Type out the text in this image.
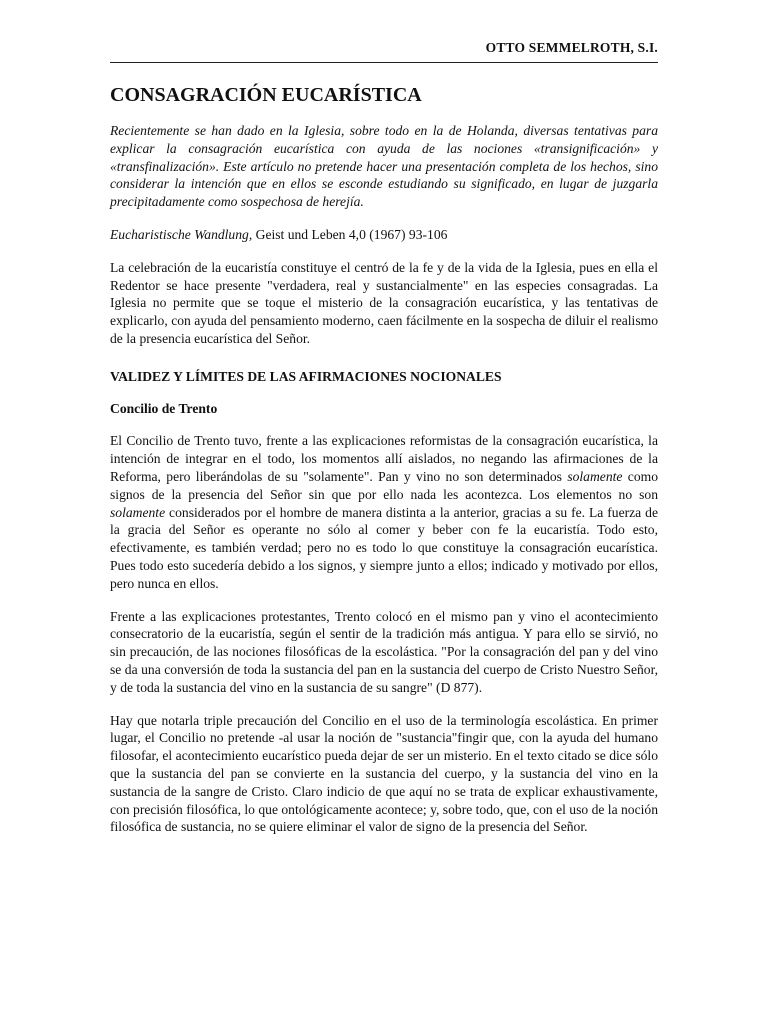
OTTO SEMMELROTH, S.I.
CONSAGRACIÓN EUCARÍSTICA

Recientemente se han dado en la Iglesia, sobre todo en la de Holanda, diversas tentativas para explicar la consagración eucarística con ayuda de las nociones «transignificación» y «transfinalización». Este artículo no pretende hacer una presentación completa de los hechos, sino considerar la intención que en ellos se esconde estudiando su significado, en lugar de juzgarla precipitadamente como sospechosa de herejía.

Eucharistische Wandlung, Geist und Leben 4,0 (1967) 93-106

La celebración de la eucaristía constituye el centró de la fe y de la vida de la Iglesia, pues en ella el Redentor se hace presente "verdadera, real y sustancialmente" en las especies consagradas. La Iglesia no permite que se toque el misterio de la consagración eucarística, y las tentativas de explicarlo, con ayuda del pensamiento moderno, caen fácilmente en la sospecha de diluir el realismo de la presencia eucarística del Señor.

VALIDEZ Y LÍMITES DE LAS AFIRMACIONES NOCIONALES
Concilio de Trento

El Concilio de Trento tuvo, frente a las explicaciones reformistas de la consagración eucarística, la intención de integrar en el todo, los momentos allí aislados, no negando las afirmaciones de la Reforma, pero liberándolas de su "solamente". Pan y vino no son determinados solamente como signos de la presencia del Señor sin que por ello nada les acontezca. Los elementos no son solamente considerados por el hombre de manera distinta a la anterior, gracias a su fe. La fuerza de la gracia del Señor es operante no sólo al comer y beber con fe la eucaristía. Todo esto, efectivamente, es también verdad; pero no es todo lo que constituye la consagración eucarística. Pues todo esto sucedería debido a los signos, y siempre junto a ellos; indicado y motivado por ellos, pero nunca en ellos.

Frente a las explicaciones protestantes, Trento colocó en el mismo pan y vino el acontecimiento consecratorio de la eucaristía, según el sentir de la tradición más antigua. Y para ello se sirvió, no sin precaución, de las nociones filosóficas de la escolástica. "Por la consagración del pan y del vino se da una conversión de toda la sustancia del pan en la sustancia del cuerpo de Cristo Nuestro Señor, y de toda la sustancia del vino en la sustancia de su sangre" (D 877).

Hay que notarla triple precaución del Concilio en el uso de la terminología escolástica. En primer lugar, el Concilio no pretende -al usar la noción de "sustancia"fingir que, con la ayuda del humano filosofar, el acontecimiento eucarístico pueda dejar de ser un misterio. En el texto citado se dice sólo que la sustancia del pan se convierte en la sustancia del cuerpo, y la sustancia del vino en la sustancia de la sangre de Cristo. Claro indicio de que aquí no se trata de explicar exhaustivamente, con precisión filosófica, lo que ontológicamente acontece; y, sobre todo, que, con el uso de la noción filosófica de sustancia, no se quiere eliminar el valor de signo de la presencia del Señor.
